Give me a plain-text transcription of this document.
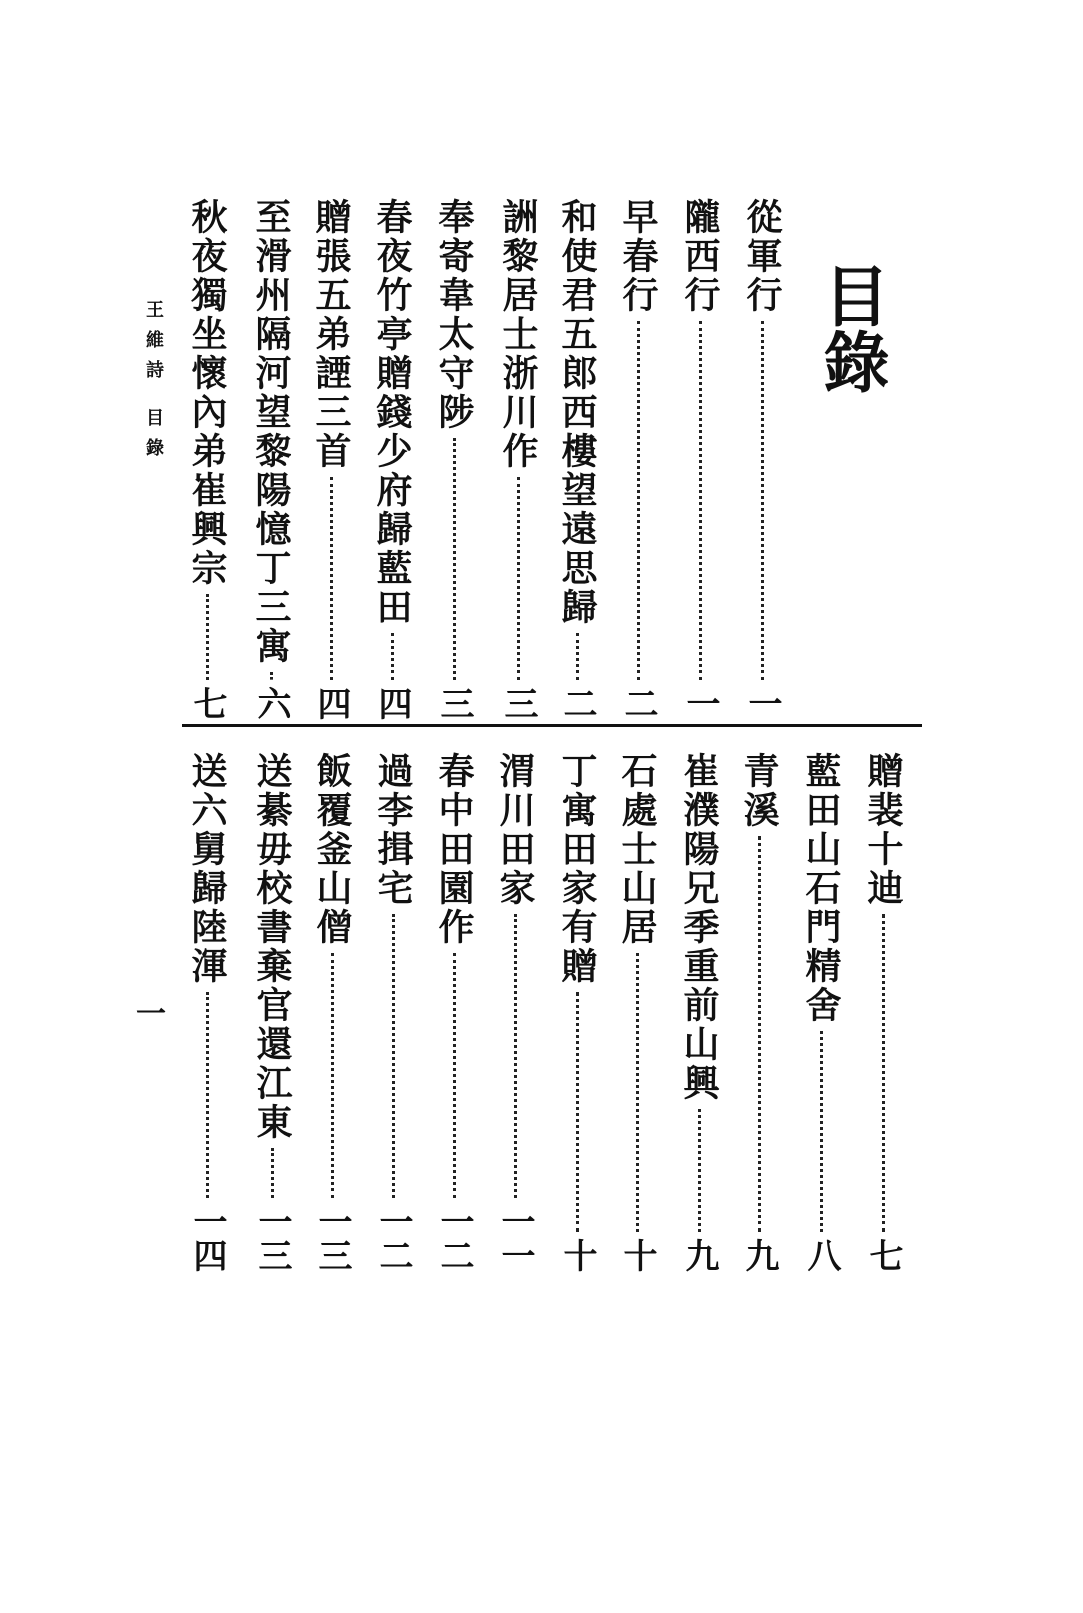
目錄
從軍行
一
隴西行
一
早春行
二
和使君五郎西樓望遠思歸
二
詶黎居士浙川作
三
奉寄韋太守陟
三
春夜竹亭贈錢少府歸藍田
四
贈張五弟諲三首
四
至滑州隔河望黎陽憶丁三寓
六
秋夜獨坐懷內弟崔興宗
七
贈裴十迪
七
藍田山石門精舍
八
青溪
九
崔濮陽兄季重前山興
九
石處士山居
十
丁寓田家有贈
十
渭川田家
一一
春中田園作
一二
過李揖宅
一二
飯覆釜山僧
一三
送綦毋校書棄官還江東
一三
送六舅歸陸渾
一四
王維詩 目錄
一
